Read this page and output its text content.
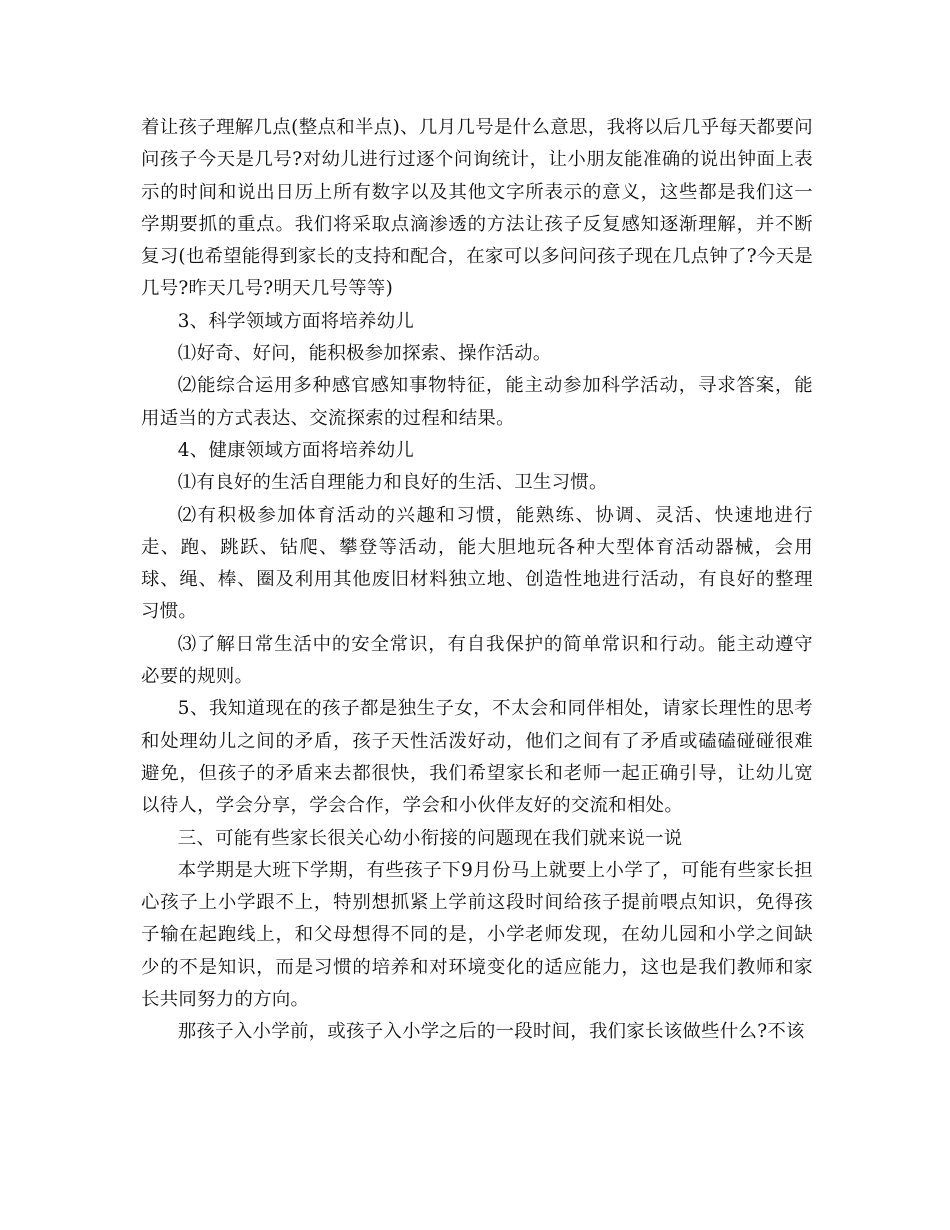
着让孩子理解几点(整点和半点)、几月几号是什么意思，我将以后几乎每天都要问问孩子今天是几号?对幼儿进行过逐个问询统计，让小朋友能准确的说出钟面上表示的时间和说出日历上所有数字以及其他文字所表示的意义，这些都是我们这一学期要抓的重点。我们将采取点滴渗透的方法让孩子反复感知逐渐理解，并不断复习(也希望能得到家长的支持和配合，在家可以多问问孩子现在几点钟了?今天是几号?昨天几号?明天几号等等)

3、科学领域方面将培养幼儿

⑴好奇、好问，能积极参加探索、操作活动。

⑵能综合运用多种感官感知事物特征，能主动参加科学活动，寻求答案，能用适当的方式表达、交流探索的过程和结果。

4、健康领域方面将培养幼儿

⑴有良好的生活自理能力和良好的生活、卫生习惯。

⑵有积极参加体育活动的兴趣和习惯，能熟练、协调、灵活、快速地进行走、跑、跳跃、钻爬、攀登等活动，能大胆地玩各种大型体育活动器械，会用球、绳、棒、圈及利用其他废旧材料独立地、创造性地进行活动，有良好的整理习惯。

⑶了解日常生活中的安全常识，有自我保护的简单常识和行动。能主动遵守必要的规则。

5、我知道现在的孩子都是独生子女，不太会和同伴相处，请家长理性的思考和处理幼儿之间的矛盾，孩子天性活泼好动，他们之间有了矛盾或磕磕碰碰很难避免，但孩子的矛盾来去都很快，我们希望家长和老师一起正确引导，让幼儿宽以待人，学会分享，学会合作，学会和小伙伴友好的交流和相处。

三、可能有些家长很关心幼小衔接的问题现在我们就来说一说

本学期是大班下学期，有些孩子下9月份马上就要上小学了，可能有些家长担心孩子上小学跟不上，特别想抓紧上学前这段时间给孩子提前喂点知识，免得孩子输在起跑线上，和父母想得不同的是，小学老师发现，在幼儿园和小学之间缺少的不是知识，而是习惯的培养和对环境变化的适应能力，这也是我们教师和家长共同努力的方向。

那孩子入小学前，或孩子入小学之后的一段时间，我们家长该做些什么?不该
